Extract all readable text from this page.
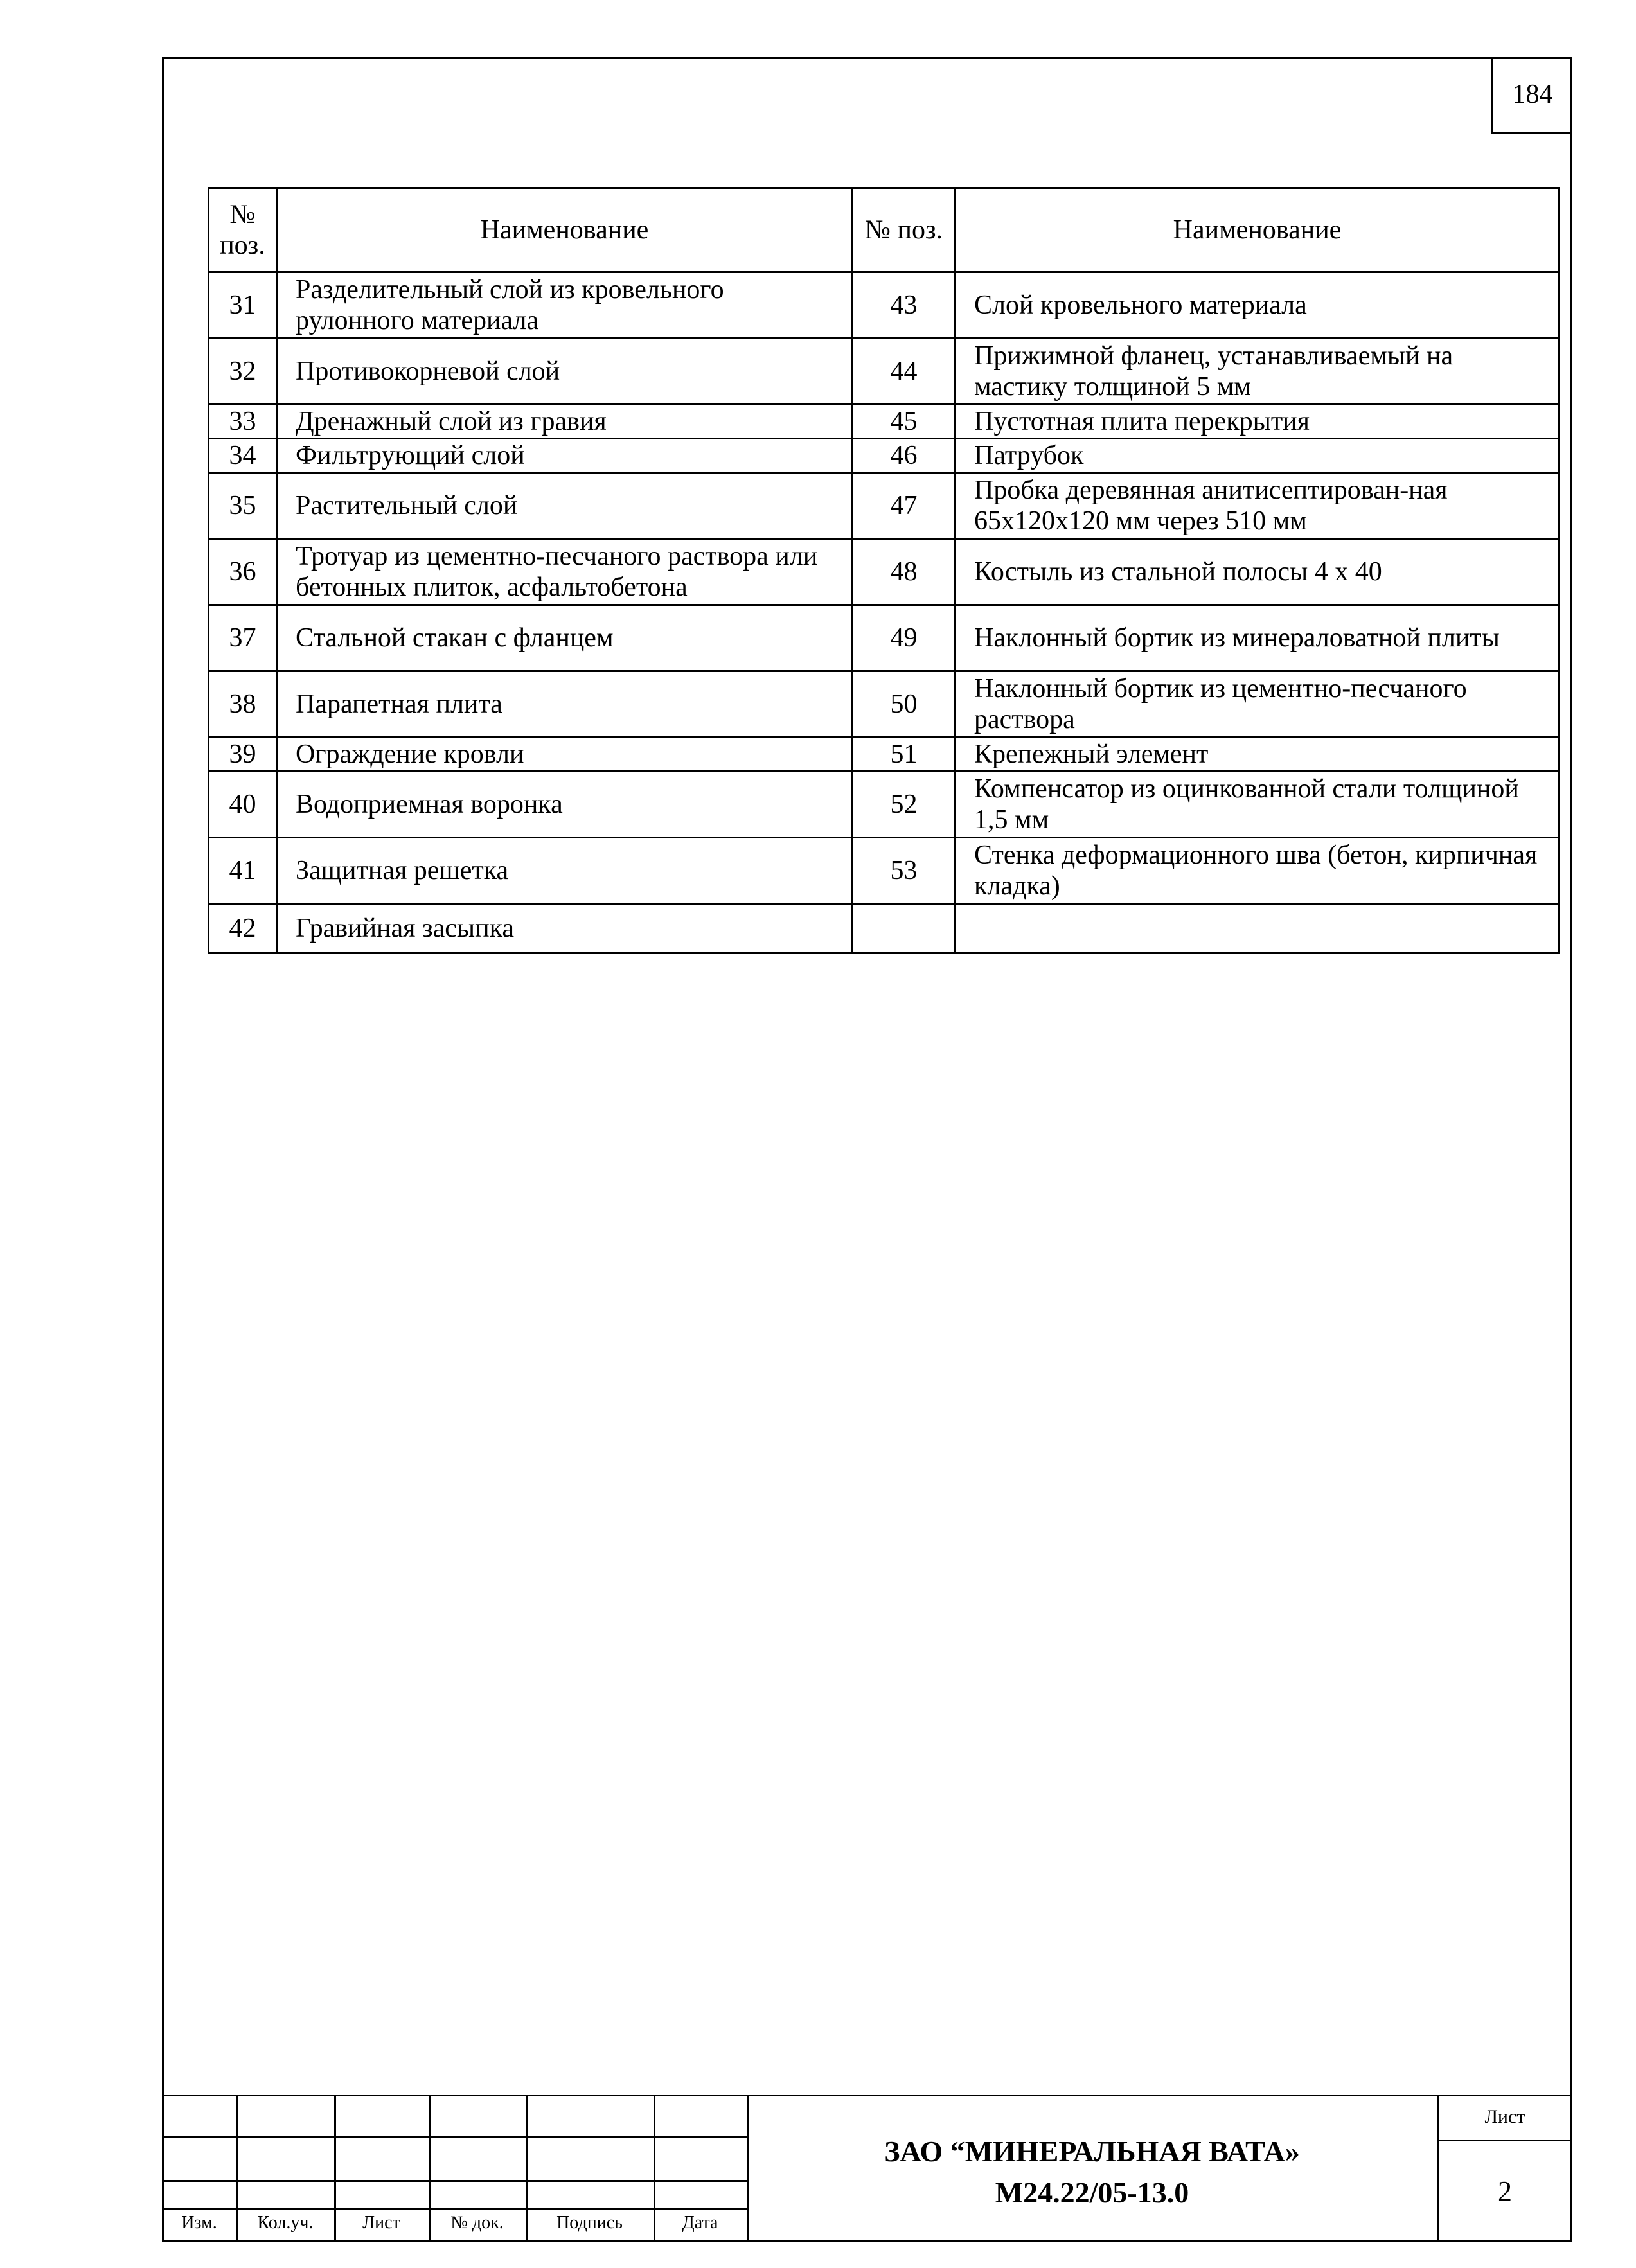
184
№ поз.	Наименование	№ поз.	Наименование
31	Разделительный слой из кровельного рулонного материала	43	Слой кровельного материала
32	Противокорневой слой	44	Прижимной фланец, устанавливаемый на мастику толщиной 5 мм
33	Дренажный слой из гравия	45	Пустотная плита перекрытия
34	Фильтрующий слой	46	Патрубок
35	Растительный слой	47	Пробка деревянная анитисептирован-ная 65х120х120 мм через 510 мм
36	Тротуар из цементно-песчаного раствора или бетонных плиток, асфальтобетона	48	Костыль из стальной полосы 4 х 40
37	Стальной стакан с фланцем	49	Наклонный бортик из минераловатной плиты
38	Парапетная плита	50	Наклонный бортик из цементно-песчаного раствора
39	Ограждение кровли	51	Крепежный элемент
40	Водоприемная воронка	52	Компенсатор из оцинкованной стали толщиной 1,5 мм
41	Защитная решетка	53	Стенка деформационного шва (бетон, кирпичная кладка)
42	Гравийная засыпка		
Изм.	Кол.уч.	Лист	№ док.	Подпись	Дата
ЗАО “МИНЕРАЛЬНАЯ ВАТА»
М24.22/05-13.0
Лист
2
